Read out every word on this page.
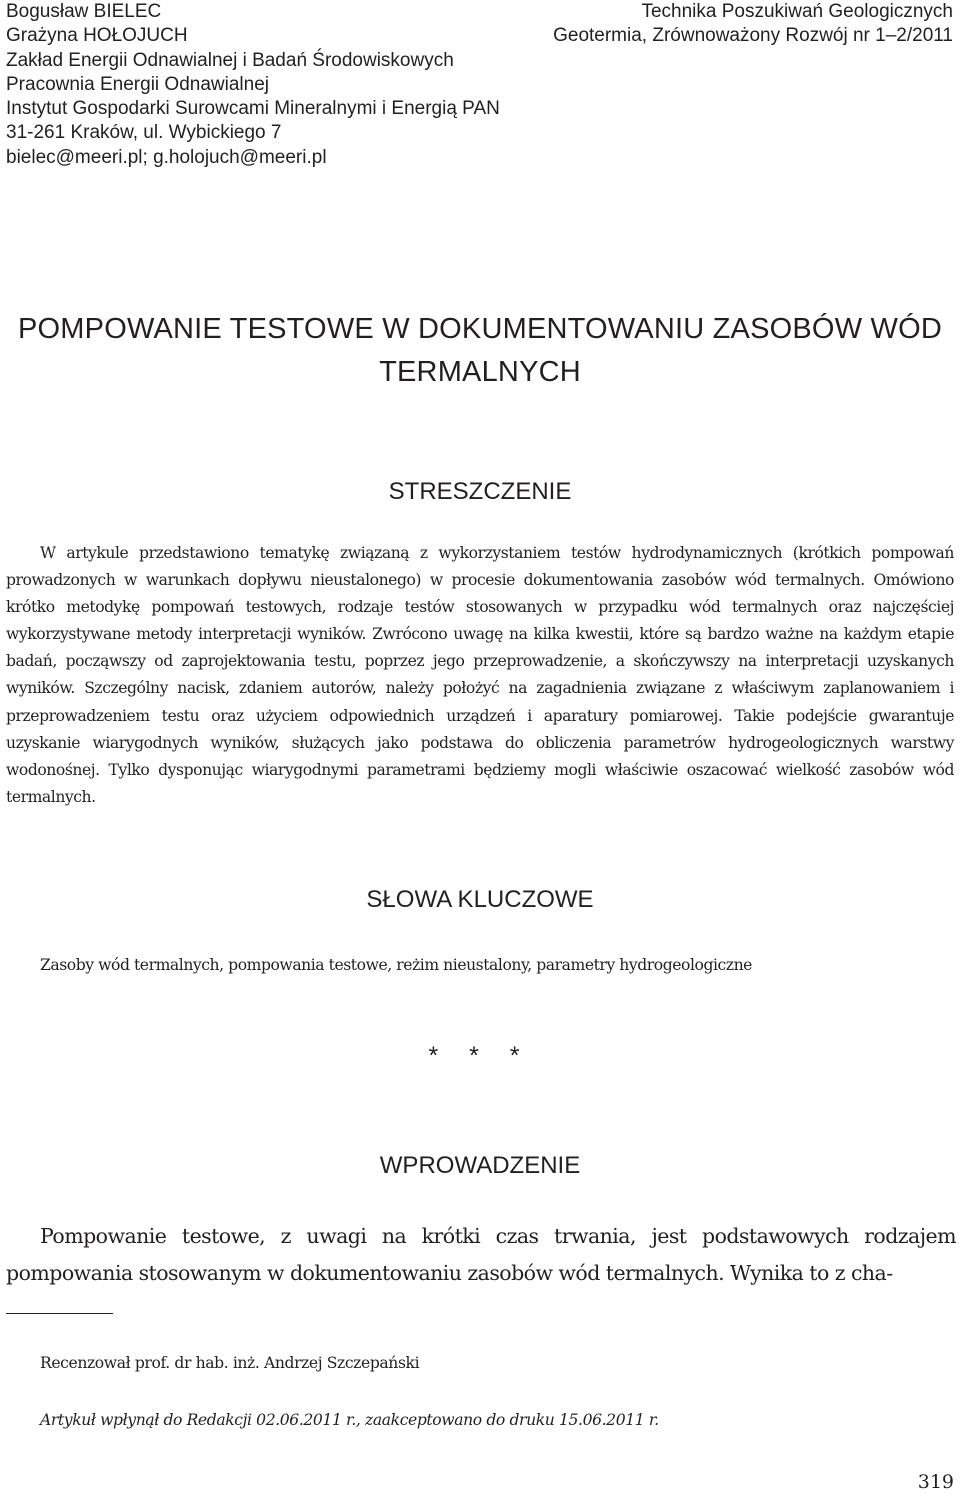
Bogusław BIELEC
Grażyna HOŁOJUCH
Zakład Energii Odnawialnej i Badań Środowiskowych
Pracownia Energii Odnawialnej
Instytut Gospodarki Surowcami Mineralnymi i Energią PAN
31-261 Kraków, ul. Wybickiego 7
bielec@meeri.pl; g.holojuch@meeri.pl
Technika Poszukiwań Geologicznych
Geotermia, Zrównoważony Rozwój nr 1–2/2011
POMPOWANIE TESTOWE W DOKUMENTOWANIU ZASOBÓW WÓD
TERMALNYCH
STRESZCZENIE
W artykule przedstawiono tematykę związaną z wykorzystaniem testów hydrodynamicznych (krótkich pompowań prowadzonych w warunkach dopływu nieustalonego) w procesie dokumentowania zasobów wód termalnych. Omówiono krótko metodykę pompowań testowych, rodzaje testów stosowanych w przypadku wód termalnych oraz najczęściej wykorzystywane metody interpretacji wyników. Zwrócono uwagę na kilka kwestii, które są bardzo ważne na każdym etapie badań, począwszy od zaprojektowania testu, poprzez jego przeprowadzenie, a skończywszy na interpretacji uzyskanych wyników. Szczególny nacisk, zdaniem autorów, należy położyć na zagadnienia związane z właściwym zaplanowaniem i przeprowadzeniem testu oraz użyciem odpowiednich urządzeń i aparatury pomiarowej. Takie podejście gwarantuje uzyskanie wiarygodnych wyników, służących jako podstawa do obliczenia parametrów hydrogeologicznych warstwy wodonośnej. Tylko dysponując wiarygodnymi parametrami będziemy mogli właściwie oszacować wielkość zasobów wód termalnych.
SŁOWA KLUCZOWE
Zasoby wód termalnych, pompowania testowe, reżim nieustalony, parametry hydrogeologiczne
* * *
WPROWADZENIE
Pompowanie testowe, z uwagi na krótki czas trwania, jest podstawowych rodzajem pompowania stosowanym w dokumentowaniu zasobów wód termalnych. Wynika to z cha-
Recenzował prof. dr hab. inż. Andrzej Szczepański
Artykuł wpłynął do Redakcji 02.06.2011 r., zaakceptowano do druku 15.06.2011 r.
319
